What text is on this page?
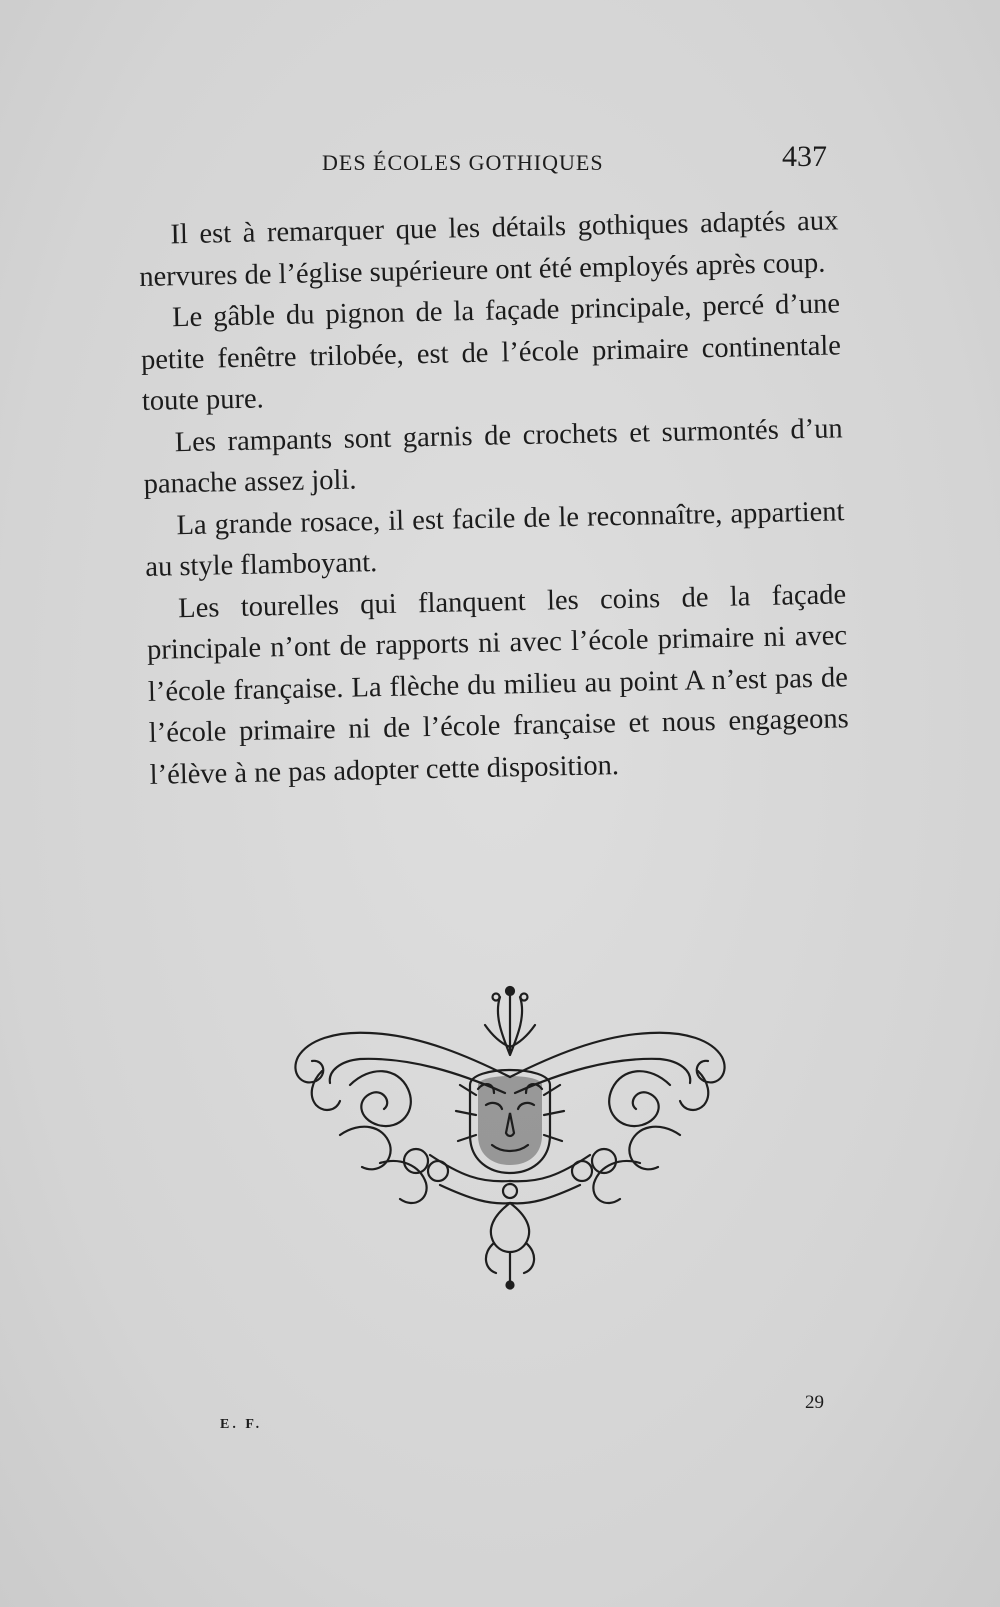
DES ÉCOLES GOTHIQUES	437

Il est à remarquer que les détails gothiques adaptés aux nervures de l’église supérieure ont été employés après coup.

Le gâble du pignon de la façade principale, percé d’une petite fenêtre trilobée, est de l’école primaire continentale toute pure.

Les rampants sont garnis de crochets et surmontés d’un panache assez joli.

La grande rosace, il est facile de le reconnaître, appartient au style flamboyant.

Les tourelles qui flanquent les coins de la façade principale n’ont de rapports ni avec l’école primaire ni avec l’école française. La flèche du milieu au point A n’est pas de l’école primaire ni de l’école française et nous engageons l’élève à ne pas adopter cette disposition.

E. F.
29
